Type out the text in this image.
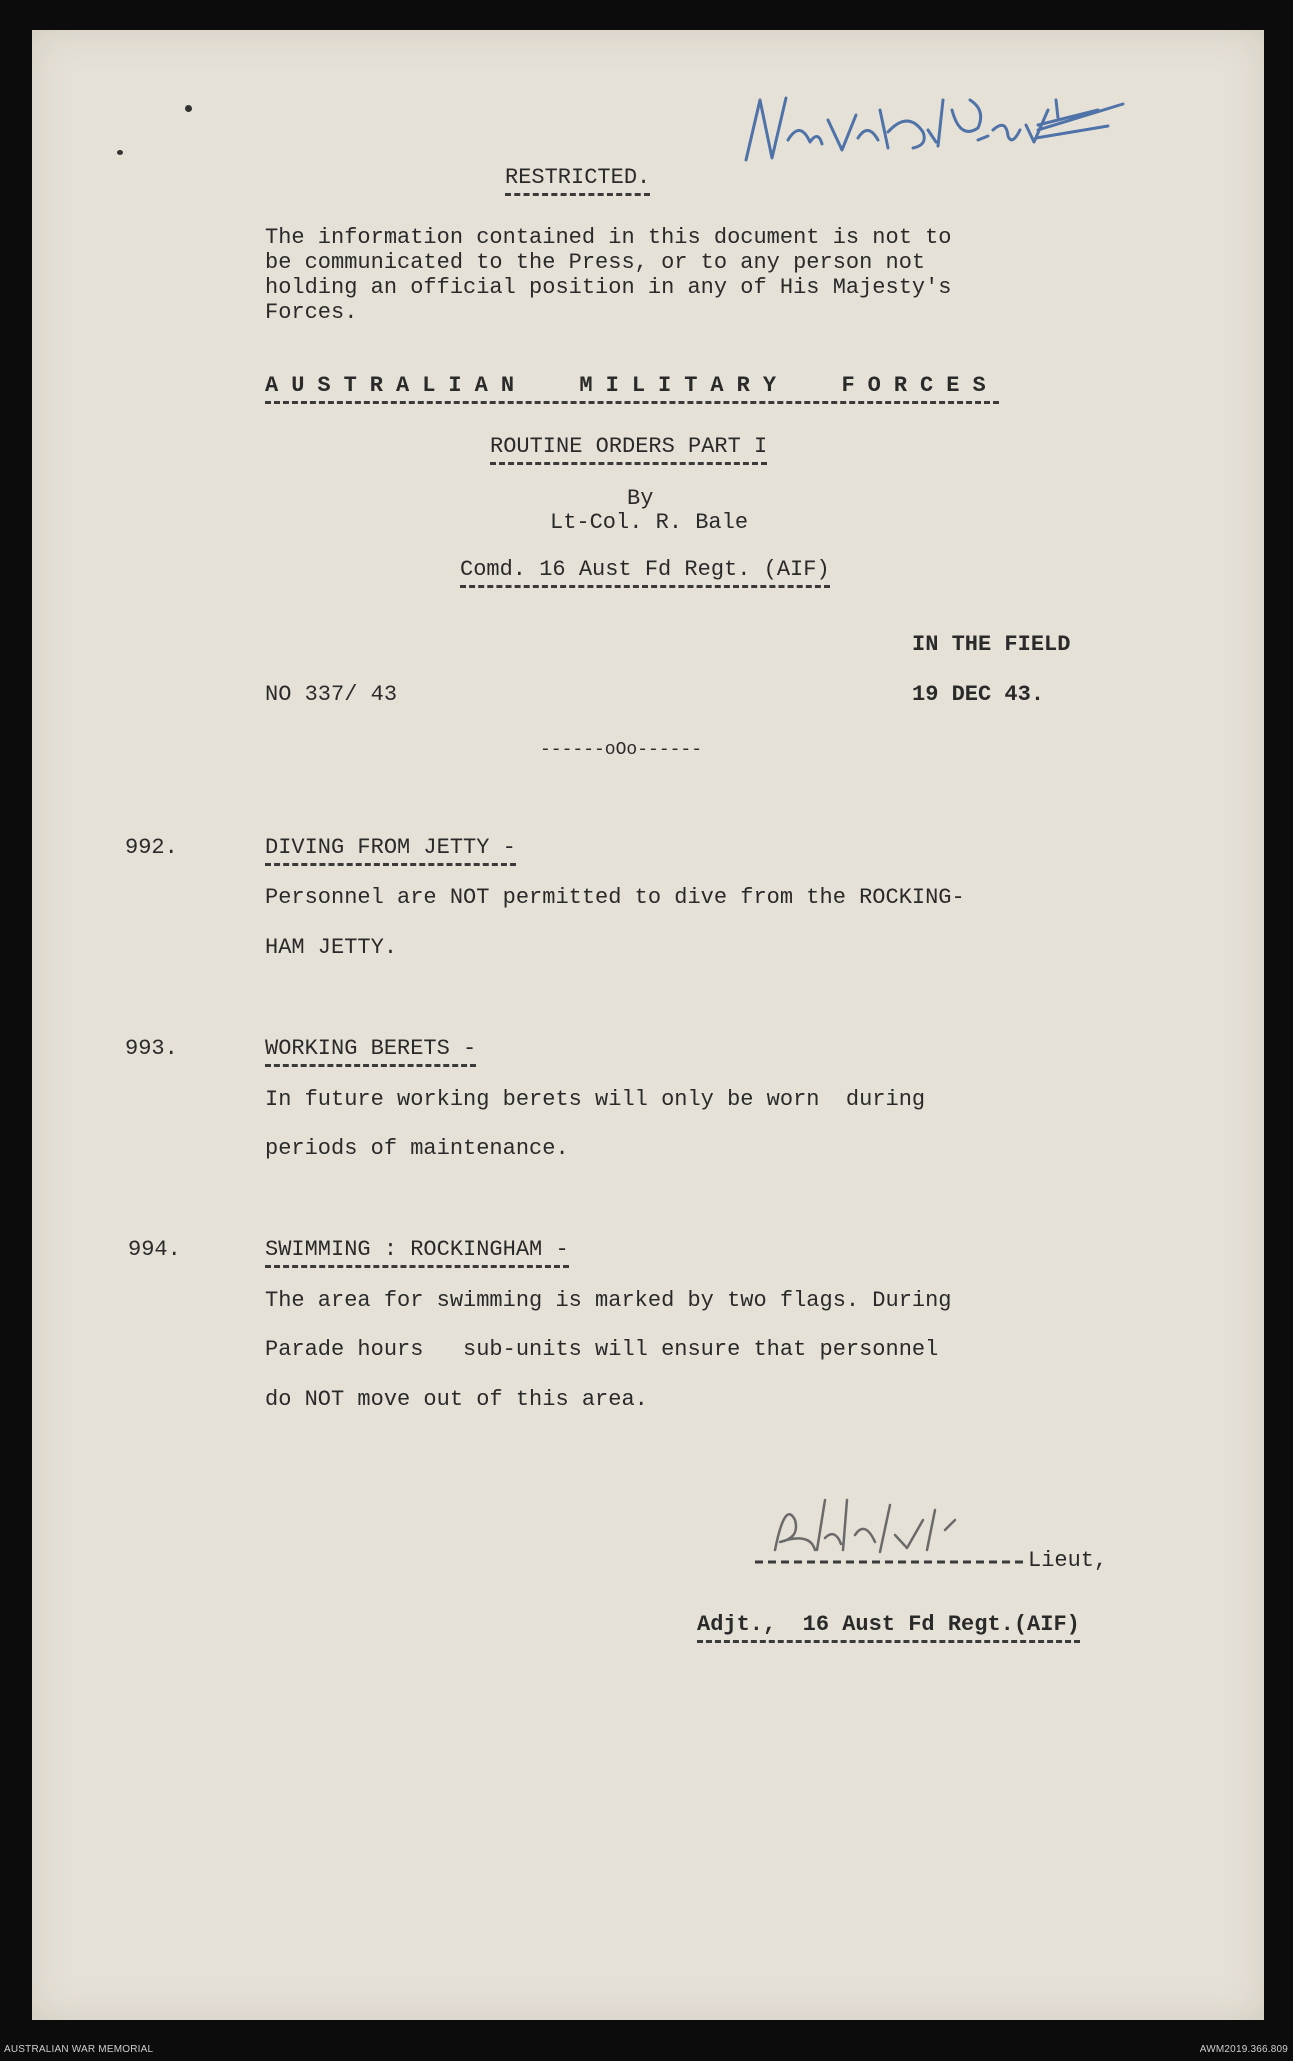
RESTRICTED.
The information contained in this document is not to
be communicated to the Press, or to any person not
holding an official position in any of His Majesty's
Forces.
AUSTRALIAN  MILITARY  FORCES
ROUTINE ORDERS PART I
By
Lt-Col. R. Bale
Comd. 16 Aust Fd Regt. (AIF)
IN THE FIELD
NO 337/ 43	19 DEC 43.
------oOo------
992.	DIVING FROM JETTY -
Personnel are NOT permitted to dive from the ROCKING-
HAM JETTY.
993.	WORKING BERETS -
In future working berets will only be worn  during
periods of maintenance.
994.	SWIMMING : ROCKINGHAM -
The area for swimming is marked by two flags. During
Parade hours   sub-units will ensure that personnel
do NOT move out of this area.
Lieut,
Adjt.,  16 Aust Fd Regt.(AIF)
AUSTRALIAN WAR MEMORIAL	AWM2019.366.809
